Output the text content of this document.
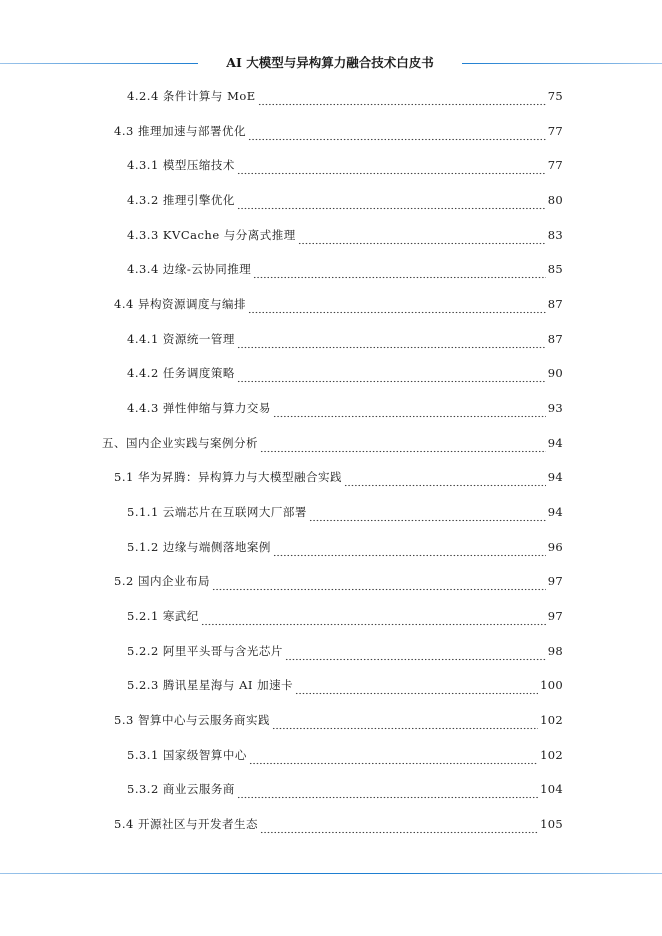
AI 大模型与异构算力融合技术白皮书
4.2.4 条件计算与 MoE	75
4.3 推理加速与部署优化	77
4.3.1 模型压缩技术	77
4.3.2 推理引擎优化	80
4.3.3 KVCache 与分离式推理	83
4.3.4 边缘-云协同推理	85
4.4 异构资源调度与编排	87
4.4.1 资源统一管理	87
4.4.2 任务调度策略	90
4.4.3 弹性伸缩与算力交易	93
五、国内企业实践与案例分析	94
5.1 华为昇腾：异构算力与大模型融合实践	94
5.1.1 云端芯片在互联网大厂部署	94
5.1.2 边缘与端侧落地案例	96
5.2 国内企业布局	97
5.2.1 寒武纪	97
5.2.2 阿里平头哥与含光芯片	98
5.2.3 腾讯星星海与 AI 加速卡	100
5.3 智算中心与云服务商实践	102
5.3.1 国家级智算中心	102
5.3.2 商业云服务商	104
5.4 开源社区与开发者生态	105
